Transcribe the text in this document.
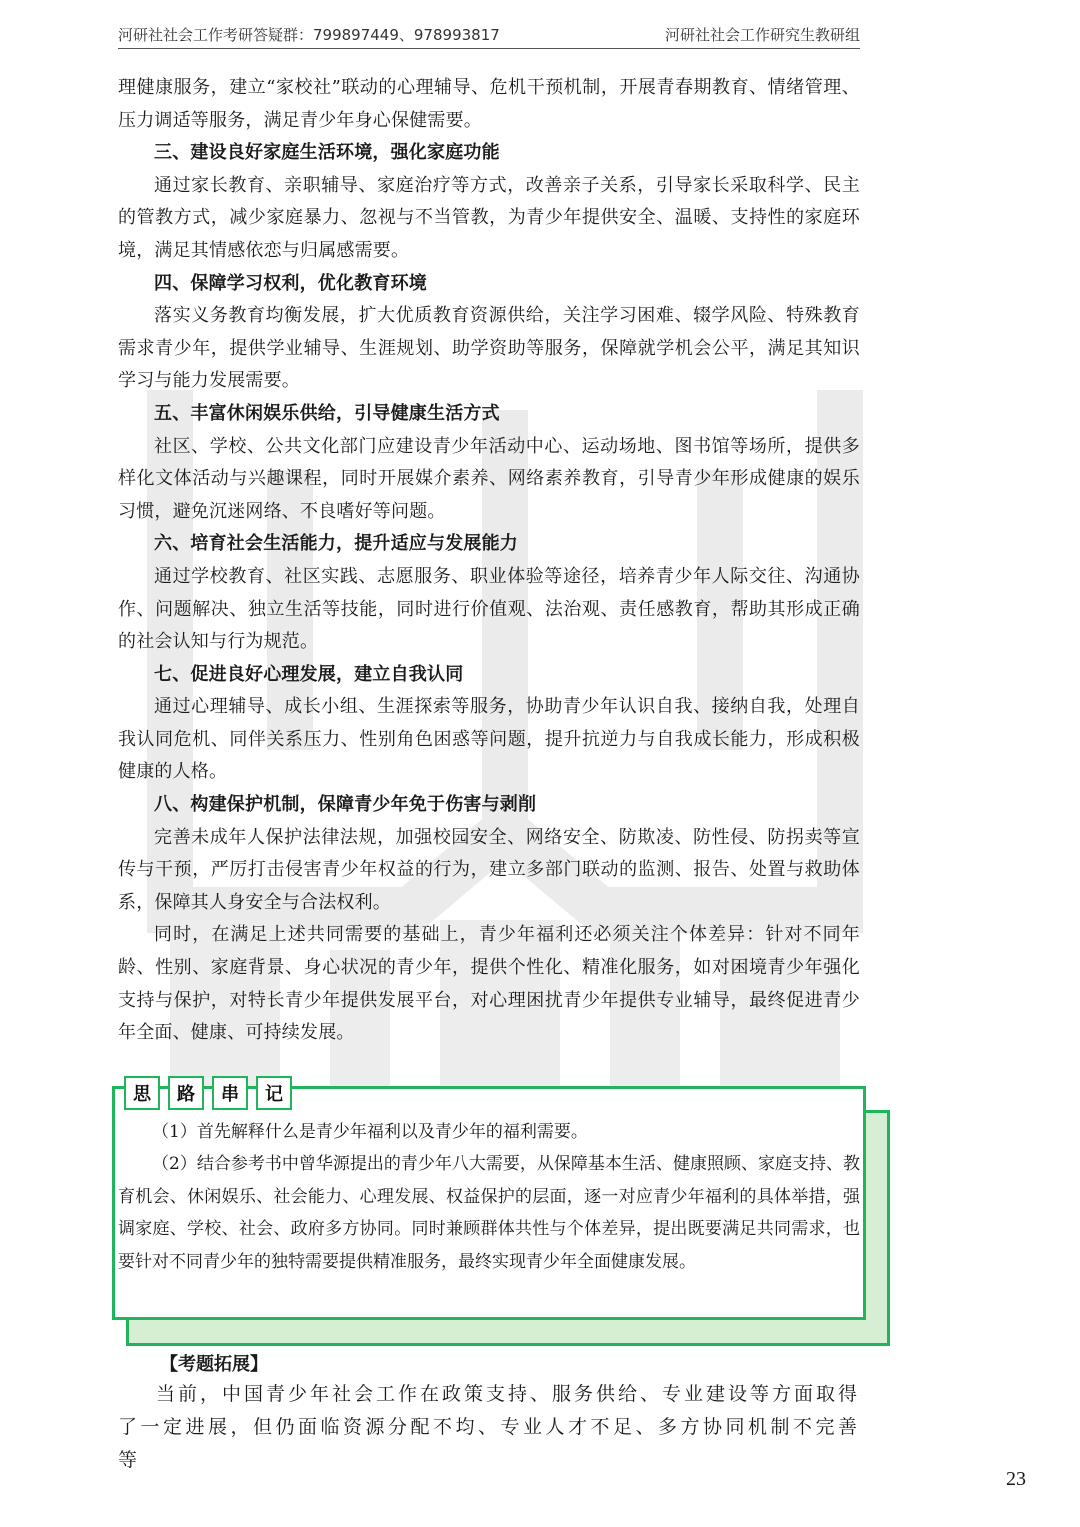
河研社社会工作考研答疑群：799897449、978993817	河研社社会工作研究生教研组

理健康服务，建立“家校社”联动的心理辅导、危机干预机制，开展青春期教育、情绪管理、压力调适等服务，满足青少年身心保健需要。

三、建设良好家庭生活环境，强化家庭功能

通过家长教育、亲职辅导、家庭治疗等方式，改善亲子关系，引导家长采取科学、民主的管教方式，减少家庭暴力、忽视与不当管教，为青少年提供安全、温暖、支持性的家庭环境，满足其情感依恋与归属感需要。

四、保障学习权利，优化教育环境

落实义务教育均衡发展，扩大优质教育资源供给，关注学习困难、辍学风险、特殊教育需求青少年，提供学业辅导、生涯规划、助学资助等服务，保障就学机会公平，满足其知识学习与能力发展需要。

五、丰富休闲娱乐供给，引导健康生活方式

社区、学校、公共文化部门应建设青少年活动中心、运动场地、图书馆等场所，提供多样化文体活动与兴趣课程，同时开展媒介素养、网络素养教育，引导青少年形成健康的娱乐习惯，避免沉迷网络、不良嗜好等问题。

六、培育社会生活能力，提升适应与发展能力

通过学校教育、社区实践、志愿服务、职业体验等途径，培养青少年人际交往、沟通协作、问题解决、独立生活等技能，同时进行价值观、法治观、责任感教育，帮助其形成正确的社会认知与行为规范。

七、促进良好心理发展，建立自我认同

通过心理辅导、成长小组、生涯探索等服务，协助青少年认识自我、接纳自我，处理自我认同危机、同伴关系压力、性别角色困惑等问题，提升抗逆力与自我成长能力，形成积极健康的人格。

八、构建保护机制，保障青少年免于伤害与剥削

完善未成年人保护法律法规，加强校园安全、网络安全、防欺凌、防性侵、防拐卖等宣传与干预，严厉打击侵害青少年权益的行为，建立多部门联动的监测、报告、处置与救助体系，保障其人身安全与合法权利。

同时，在满足上述共同需要的基础上，青少年福利还必须关注个体差异：针对不同年龄、性别、家庭背景、身心状况的青少年，提供个性化、精准化服务，如对困境青少年强化支持与保护，对特长青少年提供发展平台，对心理困扰青少年提供专业辅导，最终促进青少年全面、健康、可持续发展。

思	路	串	记

（1）首先解释什么是青少年福利以及青少年的福利需要。

（2）结合参考书中曾华源提出的青少年八大需要，从保障基本生活、健康照顾、家庭支持、教育机会、休闲娱乐、社会能力、心理发展、权益保护的层面，逐一对应青少年福利的具体举措，强调家庭、学校、社会、政府多方协同。同时兼顾群体共性与个体差异，提出既要满足共同需求，也要针对不同青少年的独特需要提供精准服务，最终实现青少年全面健康发展。

【考题拓展】

当前，中国青少年社会工作在政策支持、服务供给、专业建设等方面取得了一定进展，但仍面临资源分配不均、专业人才不足、多方协同机制不完善等

23
